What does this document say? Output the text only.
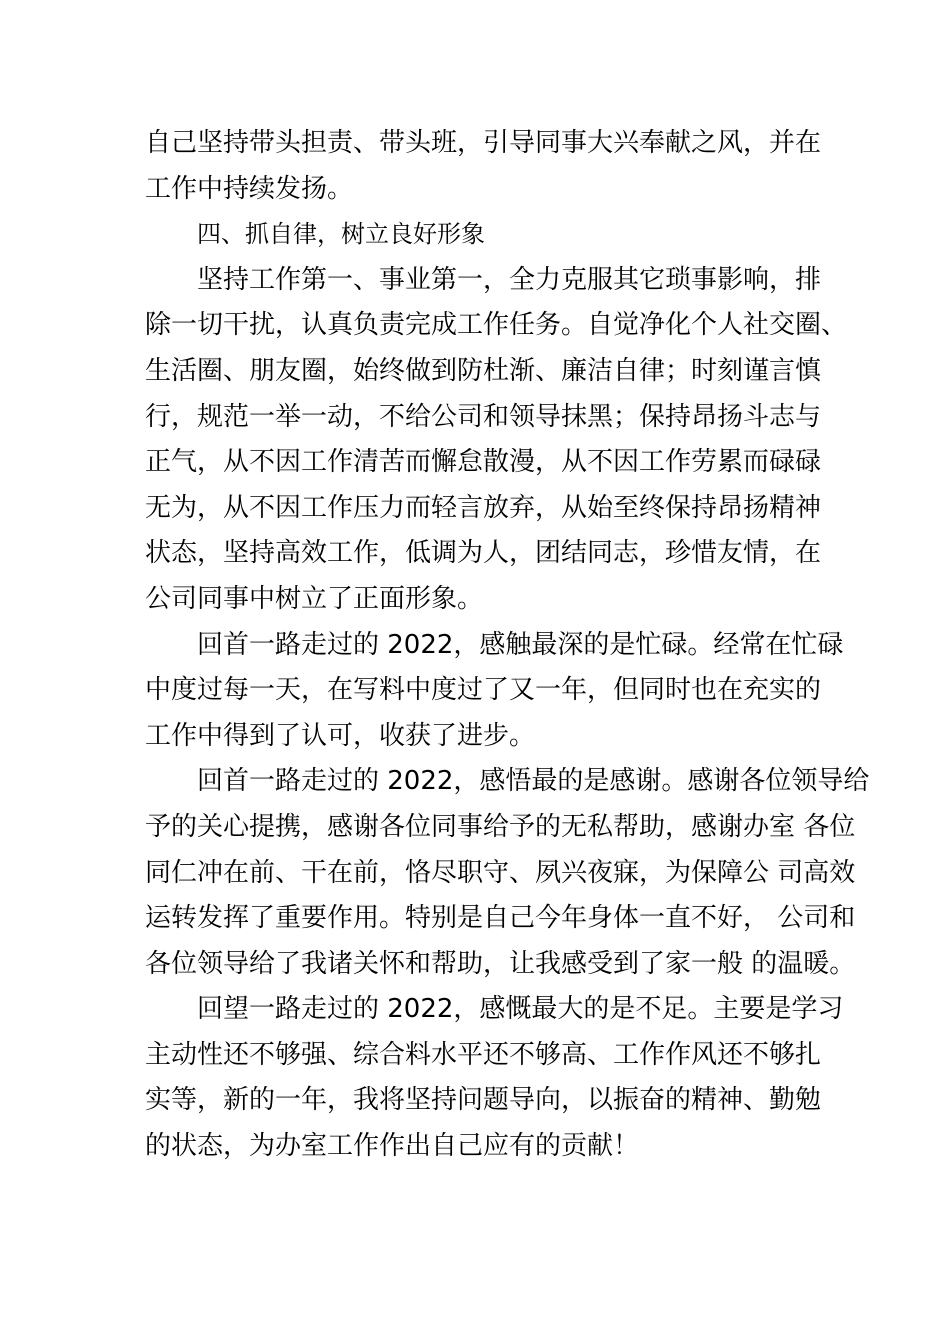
自己坚持带头担责、带头班，引导同事大兴奉献之风，并在
工作中持续发扬。
四、抓自律，树立良好形象
坚持工作第一、事业第一，全力克服其它琐事影响，排
除一切干扰，认真负责完成工作任务。自觉净化个人社交圈、
生活圈、朋友圈，始终做到防杜渐、廉洁自律；时刻谨言慎
行，规范一举一动，不给公司和领导抹黑；保持昂扬斗志与
正气，从不因工作清苦而懈怠散漫，从不因工作劳累而碌碌
无为，从不因工作压力而轻言放弃，从始至终保持昂扬精神
状态，坚持高效工作，低调为人，团结同志，珍惜友情，在
公司同事中树立了正面形象。
回首一路走过的 2022，感触最深的是忙碌。经常在忙碌
中度过每一天，在写料中度过了又一年，但同时也在充实的
工作中得到了认可，收获了进步。
回首一路走过的 2022，感悟最的是感谢。感谢各位领导给
予的关心提携，感谢各位同事给予的无私帮助，感谢办室 各位
同仁冲在前、干在前，恪尽职守、夙兴夜寐，为保障公 司高效
运转发挥了重要作用。特别是自己今年身体一直不好， 公司和
各位领导给了我诸关怀和帮助，让我感受到了家一般 的温暖。
回望一路走过的 2022，感慨最大的是不足。主要是学习
主动性还不够强、综合料水平还不够高、工作作风还不够扎
实等，新的一年，我将坚持问题导向，以振奋的精神、勤勉
的状态，为办室工作作出自己应有的贡献！
